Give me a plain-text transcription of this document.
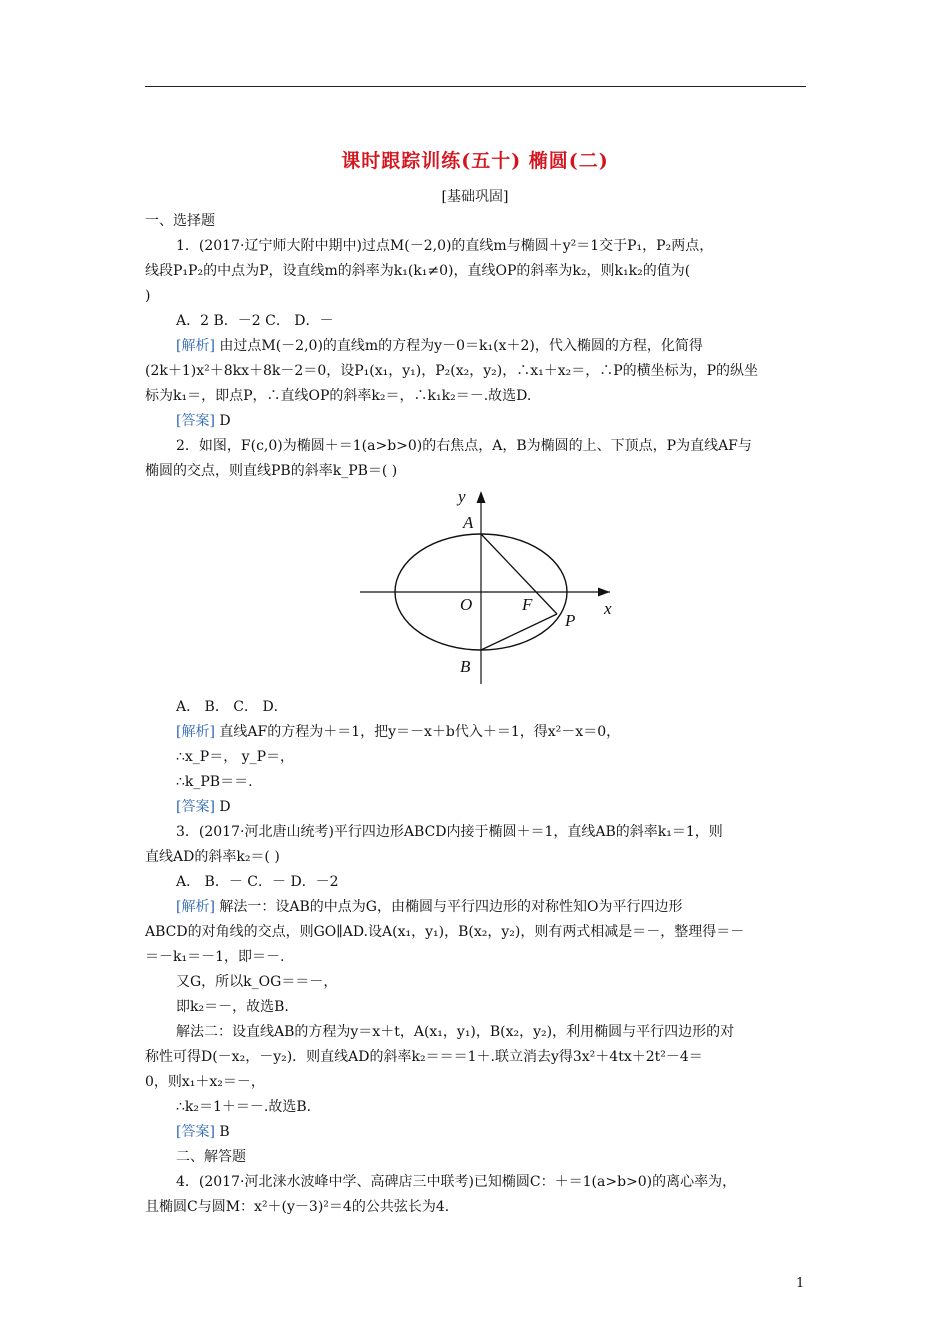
课时跟踪训练(五十) 椭圆(二)
[基础巩固]
一、选择题
1．(2017·辽宁师大附中期中)过点M(－2,0)的直线m与椭圆＋y²＝1交于P₁，P₂两点，
线段P₁P₂的中点为P，设直线m的斜率为k₁(k₁≠0)，直线OP的斜率为k₂，则k₁k₂的值为(
)
A．2 B．－2 C． D．－
[解析] 由过点M(－2,0)的直线m的方程为y－0＝k₁(x＋2)，代入椭圆的方程，化简得
(2k＋1)x²＋8kx＋8k－2＝0，设P₁(x₁，y₁)，P₂(x₂，y₂)，∴x₁＋x₂＝，∴P的横坐标为，P的纵坐
标为k₁＝，即点P，∴直线OP的斜率k₂＝，∴k₁k₂＝－.故选D.
[答案] D
2．如图，F(c,0)为椭圆＋＝1(a>b>0)的右焦点，A，B为椭圆的上、下顶点，P为直线AF与
椭圆的交点，则直线PB的斜率k_PB＝( )
y
x
A
O	F
P
B
A． B． C． D．
[解析] 直线AF的方程为＋＝1，把y＝－x＋b代入＋＝1，得x²－x＝0，
∴x_P＝， y_P＝，
∴k_PB＝＝.
[答案] D
3．(2017·河北唐山统考)平行四边形ABCD内接于椭圆＋＝1，直线AB的斜率k₁＝1，则
直线AD的斜率k₂＝( )
A． B．－ C．－ D．－2
[解析] 解法一：设AB的中点为G，由椭圆与平行四边形的对称性知O为平行四边形
ABCD的对角线的交点，则GO∥AD.设A(x₁，y₁)，B(x₂，y₂)，则有两式相减是＝－，整理得＝－
＝－k₁＝－1，即＝－.
又G，所以k_OG＝＝－，
即k₂＝－，故选B.
解法二：设直线AB的方程为y＝x＋t，A(x₁，y₁)，B(x₂，y₂)，利用椭圆与平行四边形的对
称性可得D(－x₂，－y₂)．则直线AD的斜率k₂＝＝＝1＋.联立消去y得3x²＋4tx＋2t²－4＝
0，则x₁＋x₂＝－，
∴k₂＝1＋＝－.故选B.
[答案] B
二、解答题
4．(2017·河北涞水波峰中学、高碑店三中联考)已知椭圆C：＋＝1(a>b>0)的离心率为，
且椭圆C与圆M：x²＋(y－3)²＝4的公共弦长为4.
1
